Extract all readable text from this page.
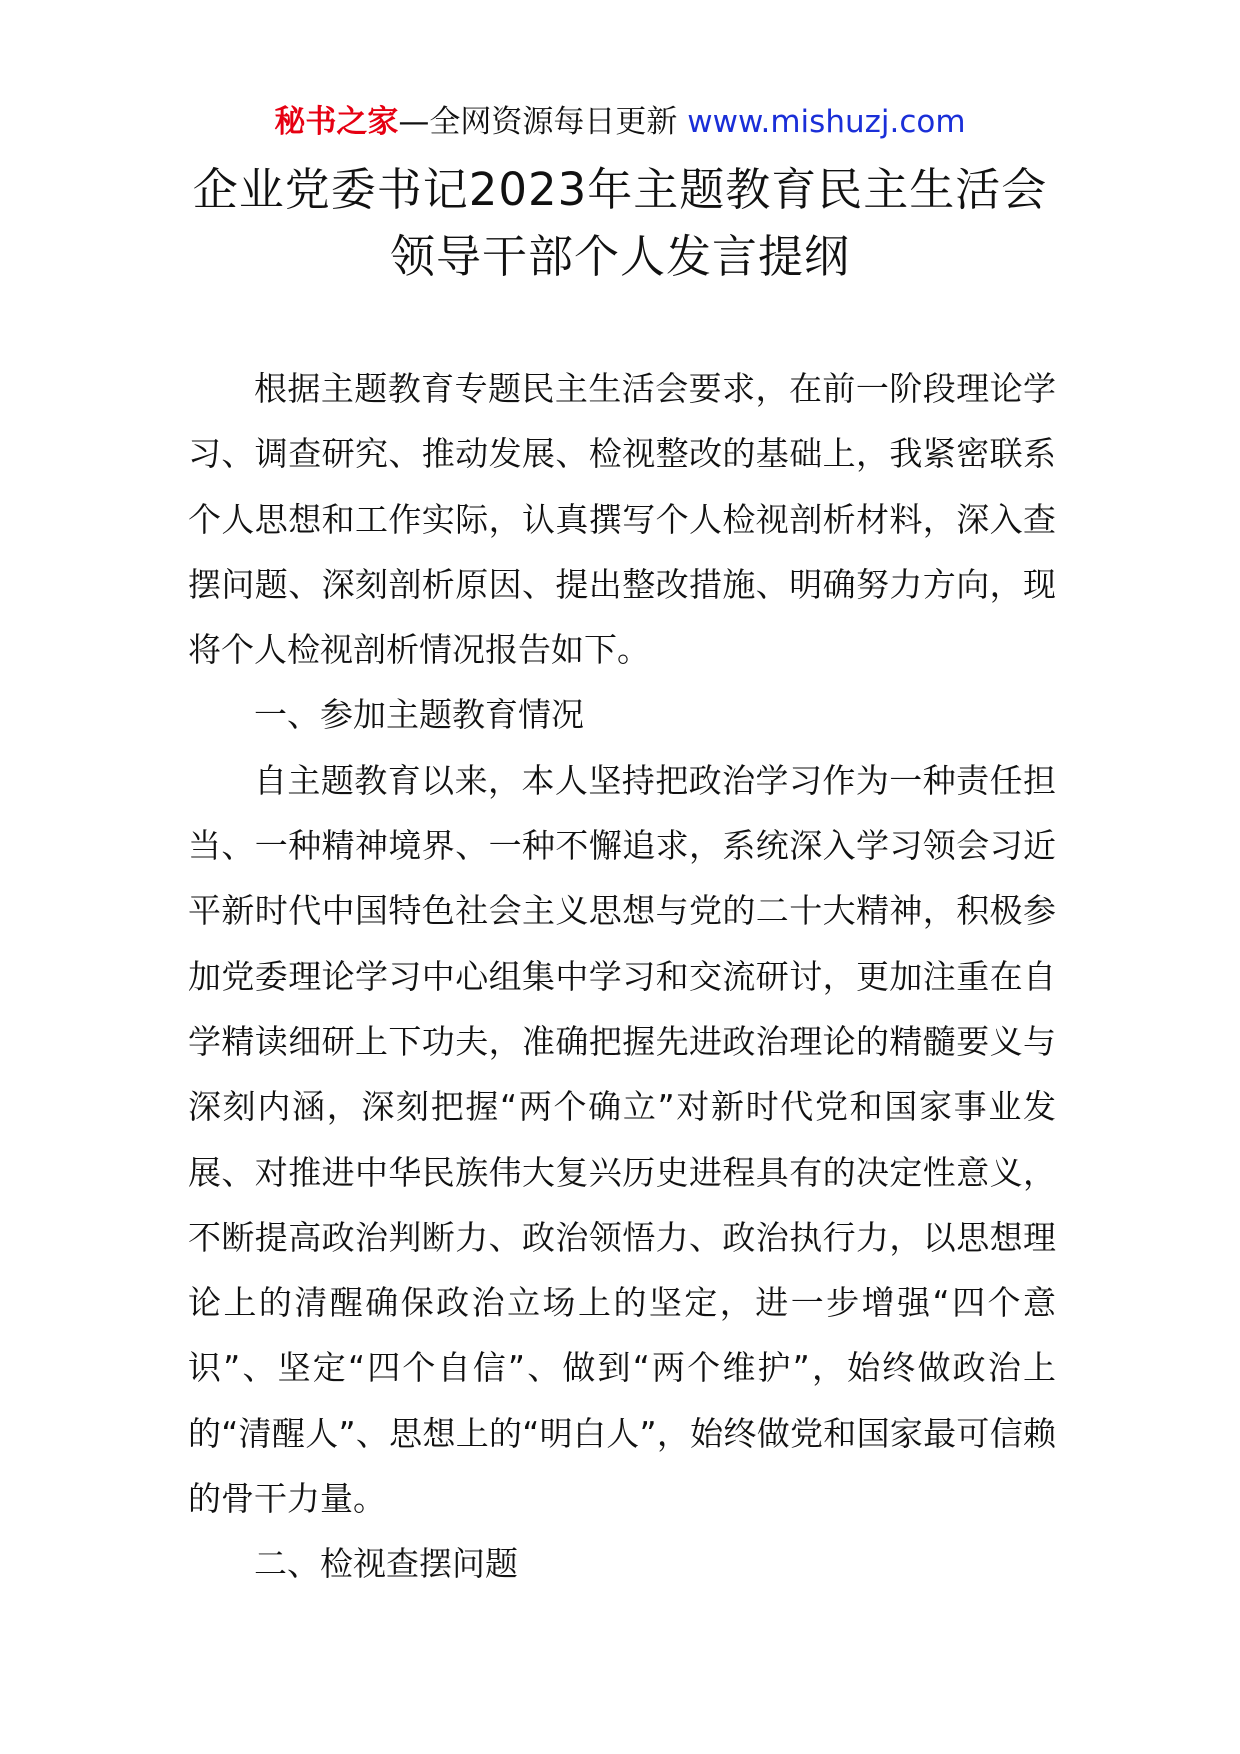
秘书之家—全网资源每日更新 www.mishuzj.com
企业党委书记2023年主题教育民主生活会
领导干部个人发言提纲

根据主题教育专题民主生活会要求，在前一阶段理论学习、调查研究、推动发展、检视整改的基础上，我紧密联系个人思想和工作实际，认真撰写个人检视剖析材料，深入查摆问题、深刻剖析原因、提出整改措施、明确努力方向，现将个人检视剖析情况报告如下。

一、参加主题教育情况

自主题教育以来，本人坚持把政治学习作为一种责任担当、一种精神境界、一种不懈追求，系统深入学习领会习近平新时代中国特色社会主义思想与党的二十大精神，积极参加党委理论学习中心组集中学习和交流研讨，更加注重在自学精读细研上下功夫，准确把握先进政治理论的精髓要义与深刻内涵，深刻把握“两个确立”对新时代党和国家事业发展、对推进中华民族伟大复兴历史进程具有的决定性意义，不断提高政治判断力、政治领悟力、政治执行力，以思想理论上的清醒确保政治立场上的坚定，进一步增强“四个意识”、坚定“四个自信”、做到“两个维护”，始终做政治上的“清醒人”、思想上的“明白人”，始终做党和国家最可信赖的骨干力量。

二、检视查摆问题
